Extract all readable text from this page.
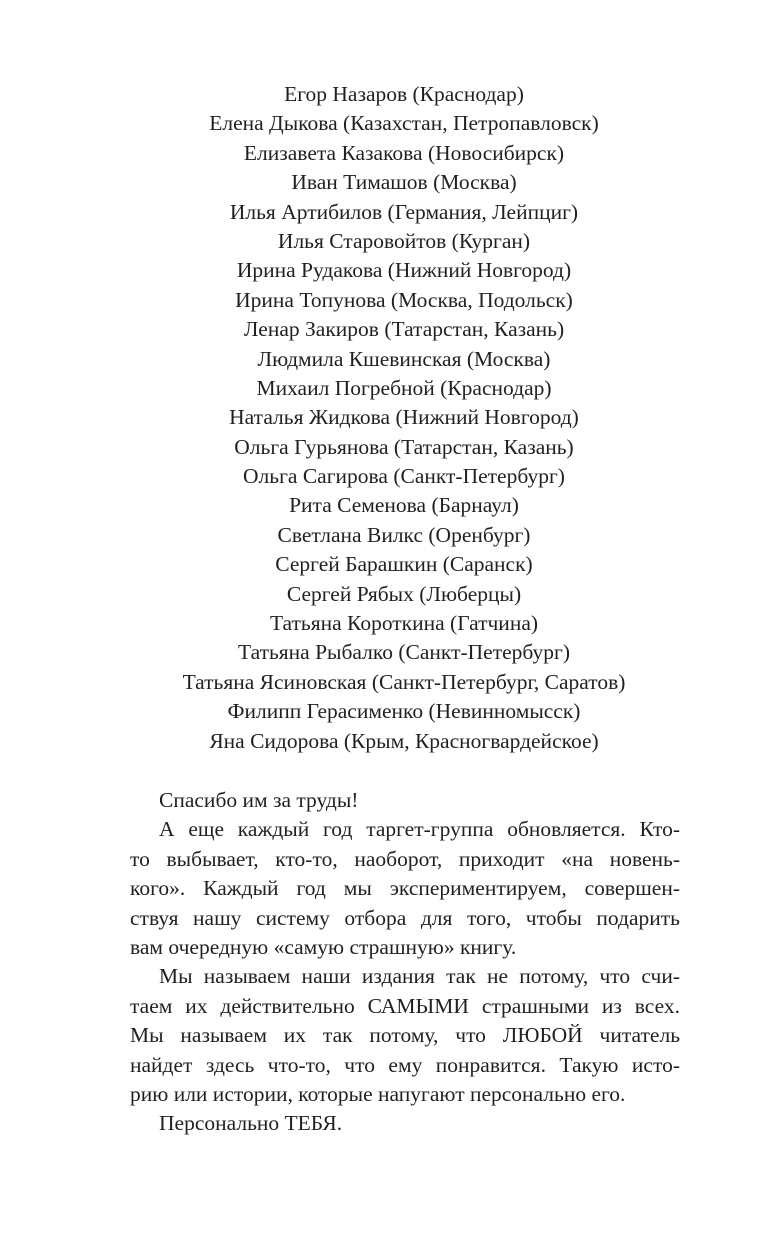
Егор Назаров (Краснодар)
Елена Дыкова (Казахстан, Петропавловск)
Елизавета Казакова (Новосибирск)
Иван Тимашов (Москва)
Илья Артибилов (Германия, Лейпциг)
Илья Старовойтов (Курган)
Ирина Рудакова (Нижний Новгород)
Ирина Топунова (Москва, Подольск)
Ленар Закиров (Татарстан, Казань)
Людмила Кшевинская (Москва)
Михаил Погребной (Краснодар)
Наталья Жидкова (Нижний Новгород)
Ольга Гурьянова (Татарстан, Казань)
Ольга Сагирова (Санкт-Петербург)
Рита Семенова (Барнаул)
Светлана Вилкс (Оренбург)
Сергей Барашкин (Саранск)
Сергей Рябых (Люберцы)
Татьяна Короткина (Гатчина)
Татьяна Рыбалко (Санкт-Петербург)
Татьяна Ясиновская (Санкт-Петербург, Саратов)
Филипп Герасименко (Невинномысск)
Яна Сидорова (Крым, Красногвардейское)
Спасибо им за труды!
А еще каждый год таргет-группа обновляется. Кто-
то выбывает, кто-то, наоборот, приходит «на новень-
кого». Каждый год мы экспериментируем, совершен-
ствуя нашу систему отбора для того, чтобы подарить
вам очередную «самую страшную» книгу.
Мы называем наши издания так не потому, что счи-
таем их действительно САМЫМИ страшными из всех.
Мы называем их так потому, что ЛЮБОЙ читатель
найдет здесь что-то, что ему понравится. Такую исто-
рию или истории, которые напугают персонально его.
Персонально ТЕБЯ.
